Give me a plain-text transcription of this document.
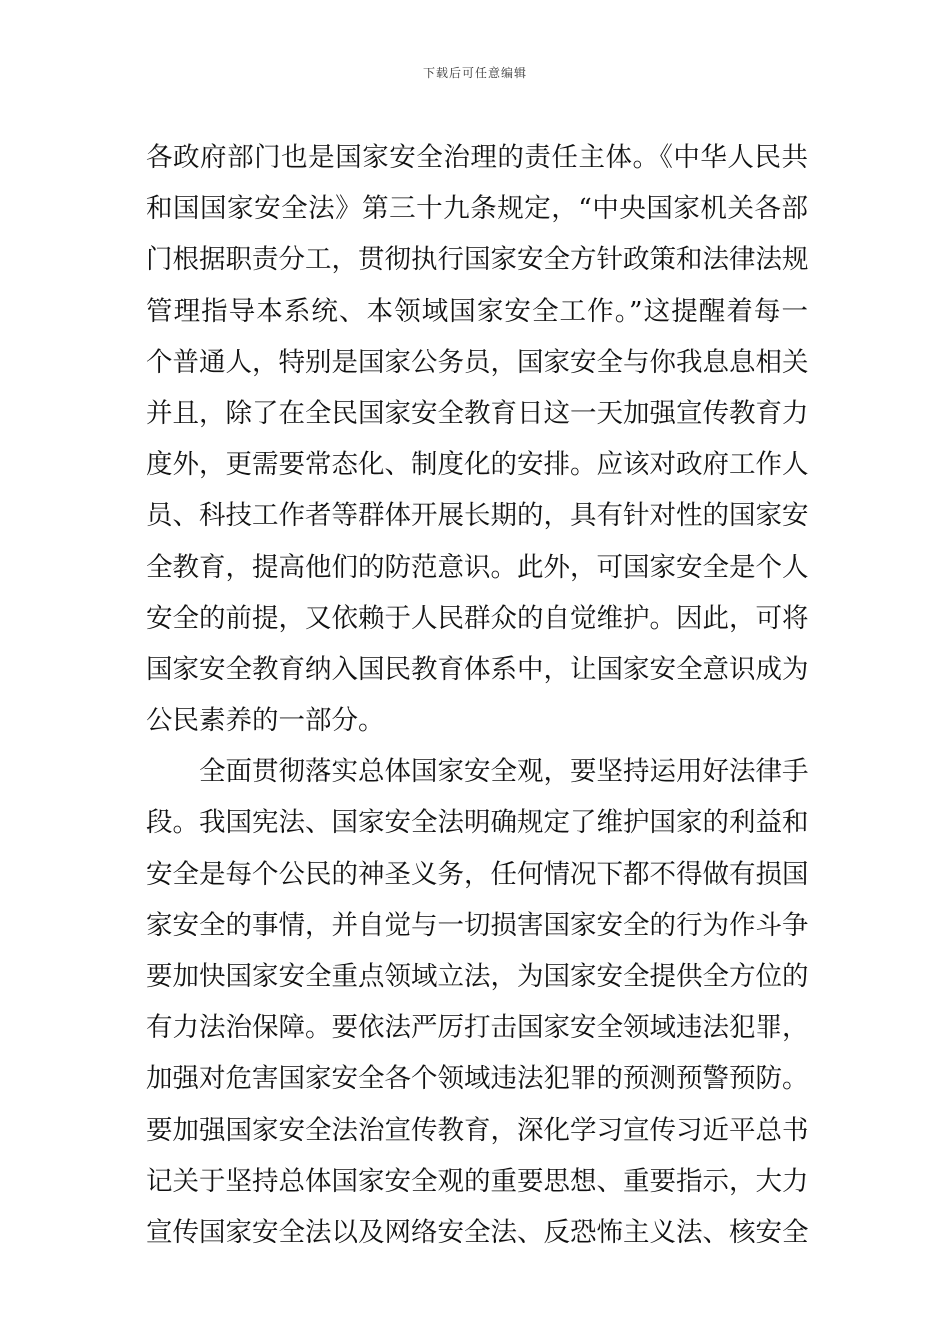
下载后可任意编辑
各政府部门也是国家安全治理的责任主体。《中华人民共
和国国家安全法》第三十九条规定，“中央国家机关各部
门根据职责分工，贯彻执行国家安全方针政策和法律法规
管理指导本系统、本领域国家安全工作。”这提醒着每一
个普通人，特别是国家公务员，国家安全与你我息息相关
并且，除了在全民国家安全教育日这一天加强宣传教育力
度外，更需要常态化、制度化的安排。应该对政府工作人
员、科技工作者等群体开展长期的，具有针对性的国家安
全教育，提高他们的防范意识。此外，可国家安全是个人
安全的前提，又依赖于人民群众的自觉维护。因此，可将
国家安全教育纳入国民教育体系中，让国家安全意识成为
公民素养的一部分。
全面贯彻落实总体国家安全观，要坚持运用好法律手
段。我国宪法、国家安全法明确规定了维护国家的利益和
安全是每个公民的神圣义务，任何情况下都不得做有损国
家安全的事情，并自觉与一切损害国家安全的行为作斗争
要加快国家安全重点领域立法，为国家安全提供全方位的
有力法治保障。要依法严厉打击国家安全领域违法犯罪，
加强对危害国家安全各个领域违法犯罪的预测预警预防。
要加强国家安全法治宣传教育，深化学习宣传习近平总书
记关于坚持总体国家安全观的重要思想、重要指示，大力
宣传国家安全法以及网络安全法、反恐怖主义法、核安全
